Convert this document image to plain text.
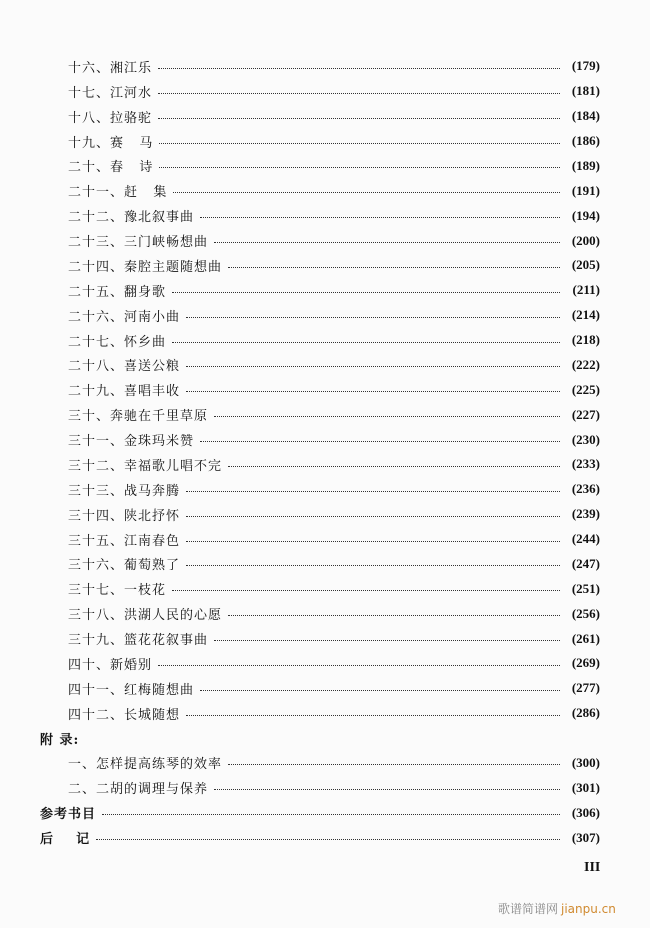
十六、湘江乐	(179)
十七、江河水	(181)
十八、拉骆驼	(184)
十九、赛   马	(186)
二十、春   诗	(189)
二十一、赶   集	(191)
二十二、豫北叙事曲	(194)
二十三、三门峡畅想曲	(200)
二十四、秦腔主题随想曲	(205)
二十五、翻身歌	(211)
二十六、河南小曲	(214)
二十七、怀乡曲	(218)
二十八、喜送公粮	(222)
二十九、喜唱丰收	(225)
三十、奔驰在千里草原	(227)
三十一、金珠玛米赞	(230)
三十二、幸福歌儿唱不完	(233)
三十三、战马奔腾	(236)
三十四、陕北抒怀	(239)
三十五、江南春色	(244)
三十六、葡萄熟了	(247)
三十七、一枝花	(251)
三十八、洪湖人民的心愿	(256)
三十九、篮花花叙事曲	(261)
四十、新婚别	(269)
四十一、红梅随想曲	(277)
四十二、长城随想	(286)
附 录:
一、怎样提高练琴的效率	(300)
二、二胡的调理与保养	(301)
参考书目	(306)
后    记	(307)
III
歌谱简谱网 jianpu.cn
